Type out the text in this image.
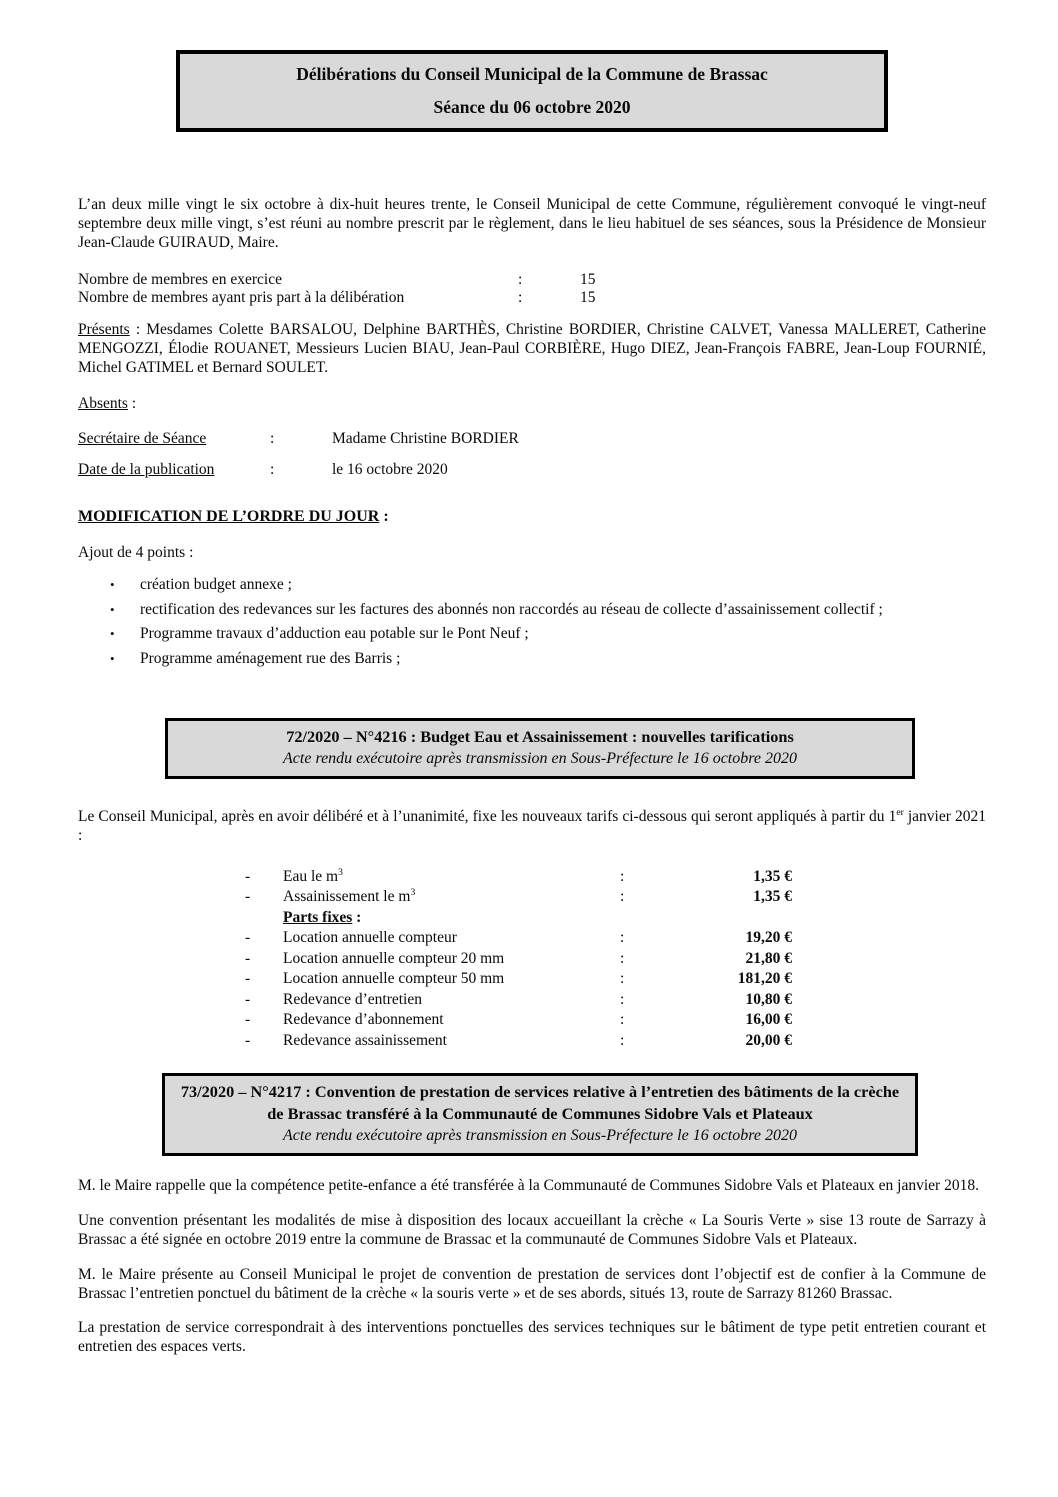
Délibérations du Conseil Municipal de la Commune de Brassac
Séance du 06 octobre 2020

L’an deux mille vingt le six octobre à dix-huit heures trente, le Conseil Municipal de cette Commune, régulièrement convoqué le vingt-neuf septembre deux mille vingt, s’est réuni au nombre prescrit par le règlement, dans le lieu habituel de ses séances, sous la Présidence de Monsieur Jean-Claude GUIRAUD, Maire.

Nombre de membres en exercice	:	15
Nombre de membres ayant pris part à la délibération	:	15

Présents : Mesdames Colette BARSALOU, Delphine BARTHÈS, Christine BORDIER, Christine CALVET, Vanessa MALLERET, Catherine MENGOZZI, Élodie ROUANET, Messieurs Lucien BIAU, Jean-Paul CORBIÈRE, Hugo DIEZ, Jean-François FABRE, Jean-Loup FOURNIÉ, Michel GATIMEL et Bernard SOULET.

Absents :

Secrétaire de Séance	:	Madame Christine BORDIER
Date de la publication	:	le 16 octobre 2020
MODIFICATION DE L’ORDRE DU JOUR :

Ajout de 4 points :

•	création budget annexe ;
•	rectification des redevances sur les factures des abonnés non raccordés au réseau de collecte d’assainissement collectif ;
•	Programme travaux d’adduction eau potable sur le Pont Neuf ;
•	Programme aménagement rue des Barris ;
72/2020 – N°4216 : Budget Eau et Assainissement : nouvelles tarifications
Acte rendu exécutoire après transmission en Sous-Préfecture le 16 octobre 2020

Le Conseil Municipal, après en avoir délibéré et à l’unanimité, fixe les nouveaux tarifs ci-dessous qui seront appliqués à partir du 1er janvier 2021 :

-	Eau le $m^3$	:	1,35 €
-	Assainissement le $m^3$	:	1,35 €
Parts fixes :
-	Location annuelle compteur	:	19,20 €
-	Location annuelle compteur 20 mm	:	21,80 €
-	Location annuelle compteur 50 mm	:	181,20 €
-	Redevance d’entretien	:	10,80 €
-	Redevance d’abonnement	:	16,00 €
-	Redevance assainissement	:	20,00 €
73/2020 – N°4217 : Convention de prestation de services relative à l’entretien des bâtiments de la crèche de Brassac transféré à la Communauté de Communes Sidobre Vals et Plateaux
Acte rendu exécutoire après transmission en Sous-Préfecture le 16 octobre 2020

M. le Maire rappelle que la compétence petite-enfance a été transférée à la Communauté de Communes Sidobre Vals et Plateaux en janvier 2018.

Une convention présentant les modalités de mise à disposition des locaux accueillant la crèche « La Souris Verte » sise 13 route de Sarrazy à Brassac a été signée en octobre 2019 entre la commune de Brassac et la communauté de Communes Sidobre Vals et Plateaux.

M. le Maire présente au Conseil Municipal le projet de convention de prestation de services dont l’objectif est de confier à la Commune de Brassac l’entretien ponctuel du bâtiment de la crèche « la souris verte » et de ses abords, situés 13, route de Sarrazy 81260 Brassac.

La prestation de service correspondrait à des interventions ponctuelles des services techniques sur le bâtiment de type petit entretien courant et entretien des espaces verts.
